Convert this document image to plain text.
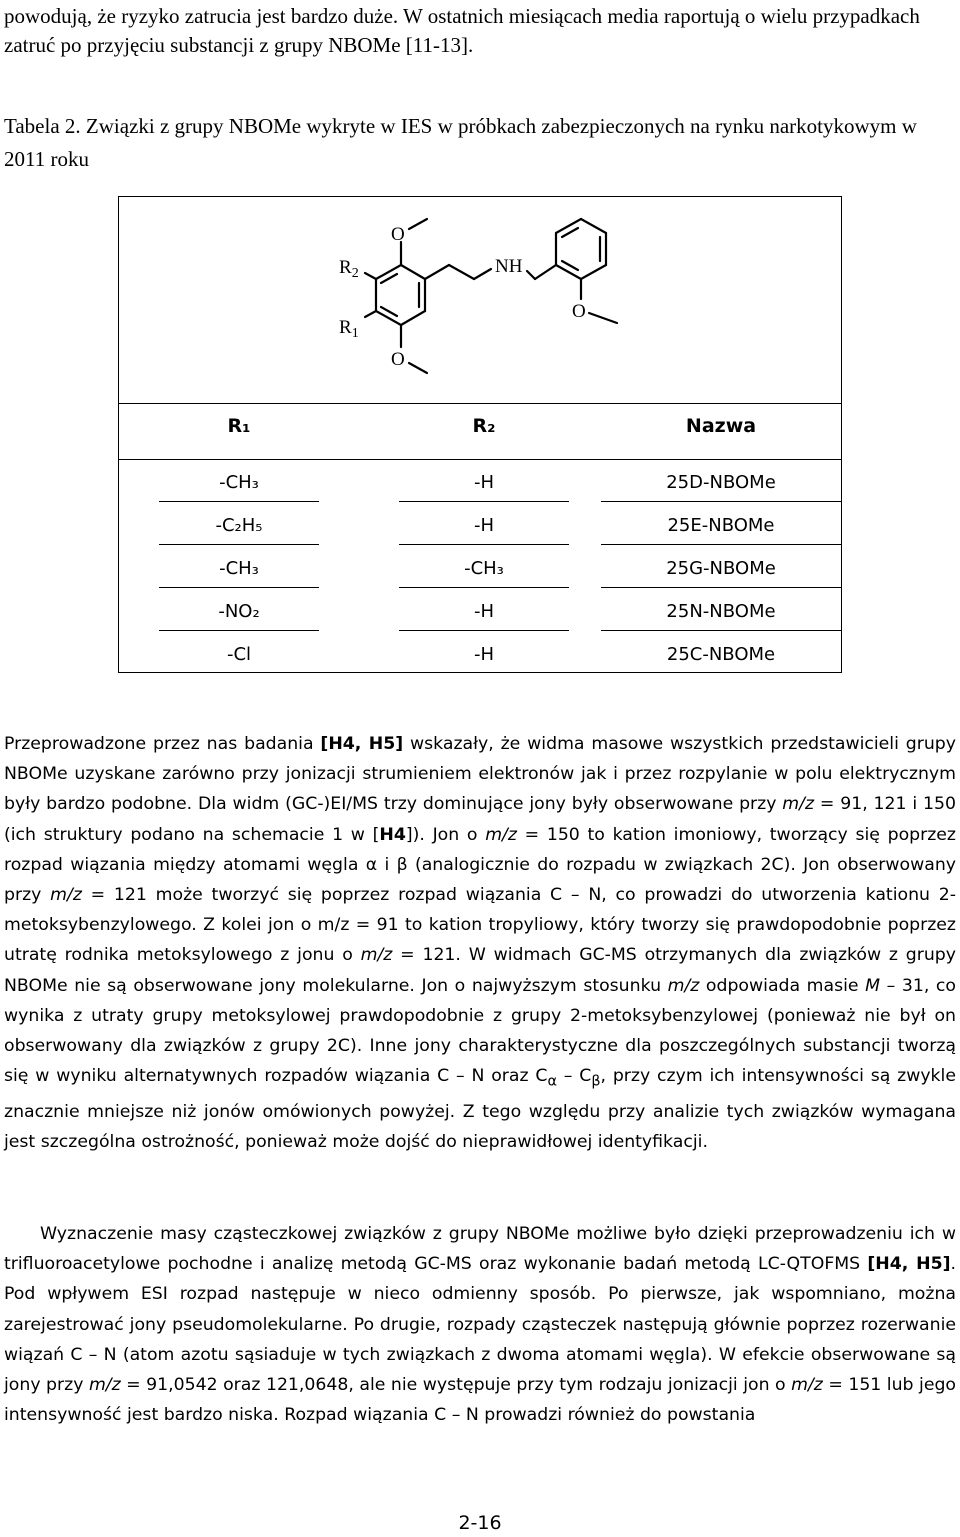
powodują, że ryzyko zatrucia jest bardzo duże. W ostatnich miesiącach media raportują o wielu przypadkach zatruć po przyjęciu substancji z grupy NBOMe [11-13].
Tabela 2. Związki z grupy NBOMe wykryte w IES w próbkach zabezpieczonych na rynku narkotykowym w 2011 roku
O
O
O
NH
$R_2$
$R_1$
R₁	R₂	Nazwa
-CH₃	-H	25D-NBOMe
-C₂H₅	-H	25E-NBOMe
-CH₃	-CH₃	25G-NBOMe
-NO₂	-H	25N-NBOMe
-Cl	-H	25C-NBOMe

Przeprowadzone przez nas badania [H4, H5] wskazały, że widma masowe wszystkich przedstawicieli grupy NBOMe uzyskane zarówno przy jonizacji strumieniem elektronów jak i przez rozpylanie w polu elektrycznym były bardzo podobne. Dla widm (GC-)EI/MS trzy dominujące jony były obserwowane przy m/z = 91, 121 i 150 (ich struktury podano na schemacie 1 w [H4]). Jon o m/z = 150 to kation imoniowy, tworzący się poprzez rozpad wiązania między atomami węgla α i β (analogicznie do rozpadu w związkach 2C). Jon obserwowany przy m/z = 121 może tworzyć się poprzez rozpad wiązania C – N, co prowadzi do utworzenia kationu 2-metoksybenzylowego. Z kolei jon o m/z = 91 to kation tropyliowy, który tworzy się prawdopodobnie poprzez utratę rodnika metoksylowego z jonu o m/z = 121. W widmach GC-MS otrzymanych dla związków z grupy NBOMe nie są obserwowane jony molekularne. Jon o najwyższym stosunku m/z odpowiada masie M – 31, co wynika z utraty grupy metoksylowej prawdopodobnie z grupy 2-metoksybenzylowej (ponieważ nie był on obserwowany dla związków z grupy 2C). Inne jony charakterystyczne dla poszczególnych substancji tworzą się w wyniku alternatywnych rozpadów wiązania C – N oraz $C_\alpha - C_\beta$, przy czym ich intensywności są zwykle znacznie mniejsze niż jonów omówionych powyżej. Z tego względu przy analizie tych związków wymagana jest szczególna ostrożność, ponieważ może dojść do nieprawidłowej identyfikacji.

Wyznaczenie masy cząsteczkowej związków z grupy NBOMe możliwe było dzięki przeprowadzeniu ich w trifluoroacetylowe pochodne i analizę metodą GC-MS oraz wykonanie badań metodą LC-QTOFMS [H4, H5]. Pod wpływem ESI rozpad następuje w nieco odmienny sposób. Po pierwsze, jak wspomniano, można zarejestrować jony pseudomolekularne. Po drugie, rozpady cząsteczek następują głównie poprzez rozerwanie wiązań C – N (atom azotu sąsiaduje w tych związkach z dwoma atomami węgla). W efekcie obserwowane są jony przy m/z = 91,0542 oraz 121,0648, ale nie występuje przy tym rodzaju jonizacji jon o m/z = 151 lub jego intensywność jest bardzo niska. Rozpad wiązania C – N prowadzi również do powstania

2-16
